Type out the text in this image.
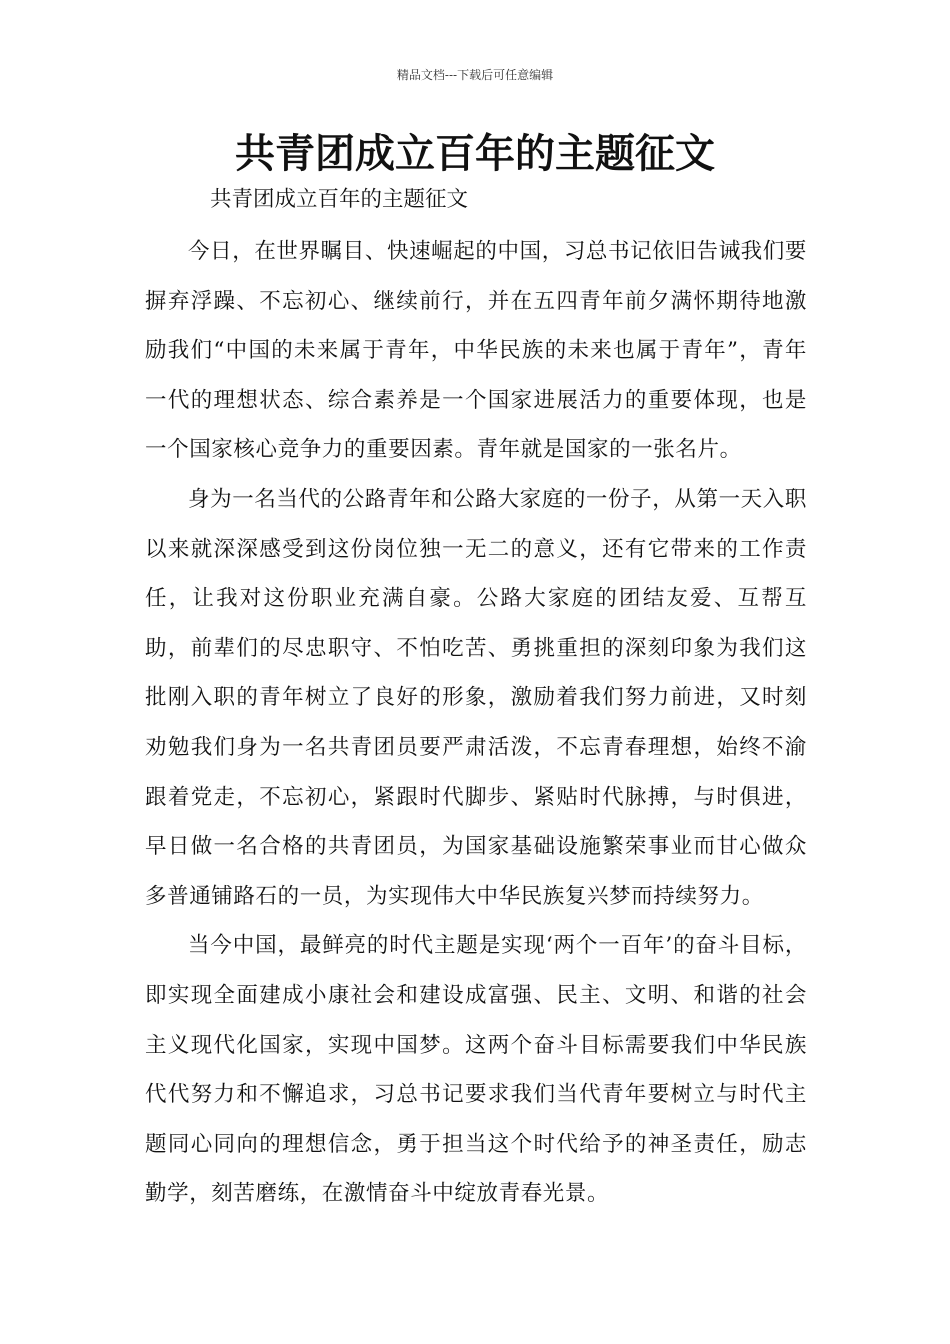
精品文档---下载后可任意编辑
共青团成立百年的主题征文

共青团成立百年的主题征文

今日，在世界瞩目、快速崛起的中国，习总书记依旧告诫我们要摒弃浮躁、不忘初心、继续前行，并在五四青年前夕满怀期待地激励我们“中国的未来属于青年，中华民族的未来也属于青年”，青年一代的理想状态、综合素养是一个国家进展活力的重要体现，也是一个国家核心竞争力的重要因素。青年就是国家的一张名片。

身为一名当代的公路青年和公路大家庭的一份子，从第一天入职以来就深深感受到这份岗位独一无二的意义，还有它带来的工作责任，让我对这份职业充满自豪。公路大家庭的团结友爱、互帮互助，前辈们的尽忠职守、不怕吃苦、勇挑重担的深刻印象为我们这批刚入职的青年树立了良好的形象，激励着我们努力前进，又时刻劝勉我们身为一名共青团员要严肃活泼，不忘青春理想，始终不渝跟着党走，不忘初心，紧跟时代脚步、紧贴时代脉搏，与时俱进，早日做一名合格的共青团员，为国家基础设施繁荣事业而甘心做众多普通铺路石的一员，为实现伟大中华民族复兴梦而持续努力。

当今中国，最鲜亮的时代主题是实现‘两个一百年’的奋斗目标，即实现全面建成小康社会和建设成富强、民主、文明、和谐的社会主义现代化国家，实现中国梦。这两个奋斗目标需要我们中华民族代代努力和不懈追求，习总书记要求我们当代青年要树立与时代主题同心同向的理想信念，勇于担当这个时代给予的神圣责任，励志勤学，刻苦磨练，在激情奋斗中绽放青春光景。
